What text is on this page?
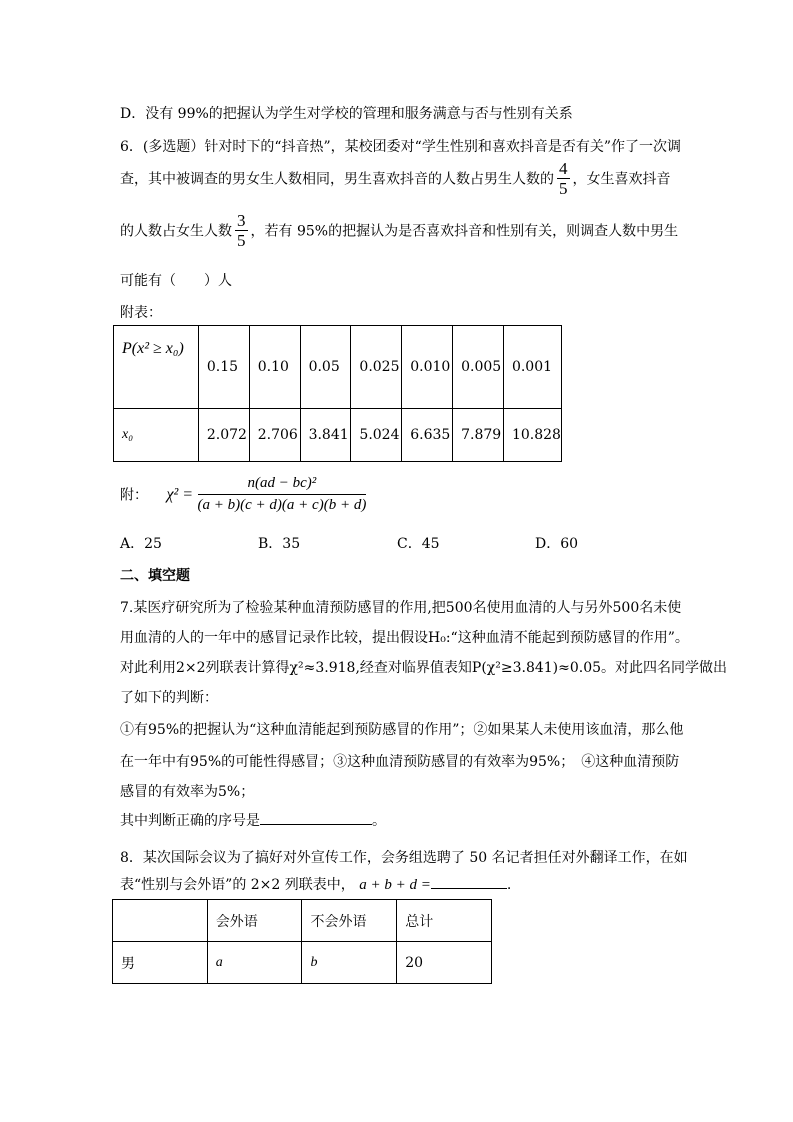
D．没有 99%的把握认为学生对学校的管理和服务满意与否与性别有关系
6．(多选题）针对时下的“抖音热”，某校团委对“学生性别和喜欢抖音是否有关”作了一次调
查，其中被调查的男女生人数相同，男生喜欢抖音的人数占男生人数的 $\frac{4}{5}$ ，女生喜欢抖音
的人数占女生人数 $\frac{3}{5}$ ，若有 95%的把握认为是否喜欢抖音和性别有关，则调查人数中男生
可能有（　　）人
附表：
P(x² ≥ x₀)	0.15	0.10	0.05	0.025	0.010	0.005	0.001
x₀	2.072	2.706	3.841	5.024	6.635	7.879	10.828
附： $\chi^2 = \frac{\text{n(ad − bc)²}}{(a + b)(c + d)(a + c)(b + d)}$
A．25	B．35	C．45	D．60
二、填空题
7.某医疗研究所为了检验某种血清预防感冒的作用,把500名使用血清的人与另外500名未使
用血清的人的一年中的感冒记录作比较，提出假设H₀:“这种血清不能起到预防感冒的作用”。
对此利用2×2列联表计算得χ²≈3.918,经查对临界值表知P(χ²≥3.841)≈0.05。对此四名同学做出
了如下的判断：
①有95%的把握认为“这种血清能起到预防感冒的作用”；②如果某人未使用该血清，那么他
在一年中有95%的可能性得感冒；③这种血清预防感冒的有效率为95%；　④这种血清预防
感冒的有效率为5%；
其中判断正确的序号是	。
8．某次国际会议为了搞好对外宣传工作，会务组选聘了 50 名记者担任对外翻译工作，在如
表“性别与会外语”的 2×2 列联表中， a + b + d =	.
	会外语	不会外语	总计
男	a	b	20
